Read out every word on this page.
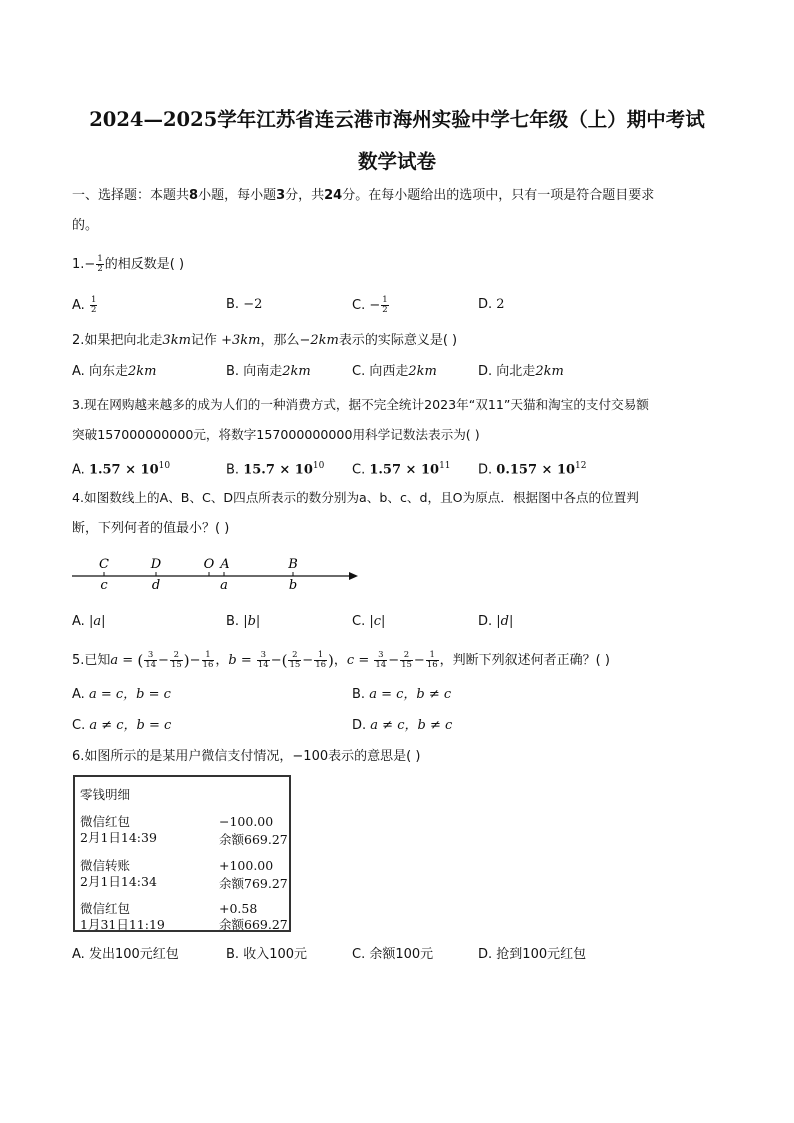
2024—2025学年江苏省连云港市海州实验中学七年级（上）期中考试
数学试卷
一、选择题：本题共8小题，每小题3分，共24分。在每小题给出的选项中，只有一项是符合题目要求
的。
$1.- \frac{1}{2}$ 的相反数是( )
A. $\frac{1}{2}$	B. −2	C. − $\frac{1}{2}$	D. 2
2.如果把向北走3km记作 +3km，那么−2km表示的实际意义是( )
A. 向东走2km	B. 向南走2km	C. 向西走2km	D. 向北走2km
3.现在网购越来越多的成为人们的一种消费方式，据不完全统计2023年“双11”天猫和淘宝的支付交易额
突破157000000000元，将数字157000000000用科学记数法表示为( )
A. $1.57 \times 10^{10}$	B. $15.7 \times 10^{10}$ C. $1.57 \times 10^{11}$ D. $0.157 \times 10^{12}$
4.如图数线上的A、B、C、D四点所表示的数分别为a、b、c、d，且O为原点．根据图中各点的位置判
断，下列何者的值最小？( )
C	D	O A	B
c	d	a	b
A. |a|	B. |b|	C. |c|	D. |d|
5.已知a = ( $\frac{3}{14} - \frac{2}{15}$ )− $\frac{1}{16}$ ，$b = \frac{3}{14}$ −( $\frac{2}{15} - \frac{1}{16}$ )，$c = \frac{3}{14} - \frac{2}{15} - \frac{1}{16}$ ，判断下列叙述何者正确？( )
A. a = c，b = c	B. a = c，b ≠ c
C. a ≠ c，b = c	D. a ≠ c，b ≠ c
6.如图所示的是某用户微信支付情况，−100表示的意思是( )
零钱明细
微信红包	−100.00
2月1日14:39	余额669.27
微信转账	+100.00
2月1日14:34	余额769.27
微信红包	+0.58
1月31日11:19	余额669.27
A. 发出100元红包	B. 收入100元	C. 余额100元	D. 抢到100元红包
